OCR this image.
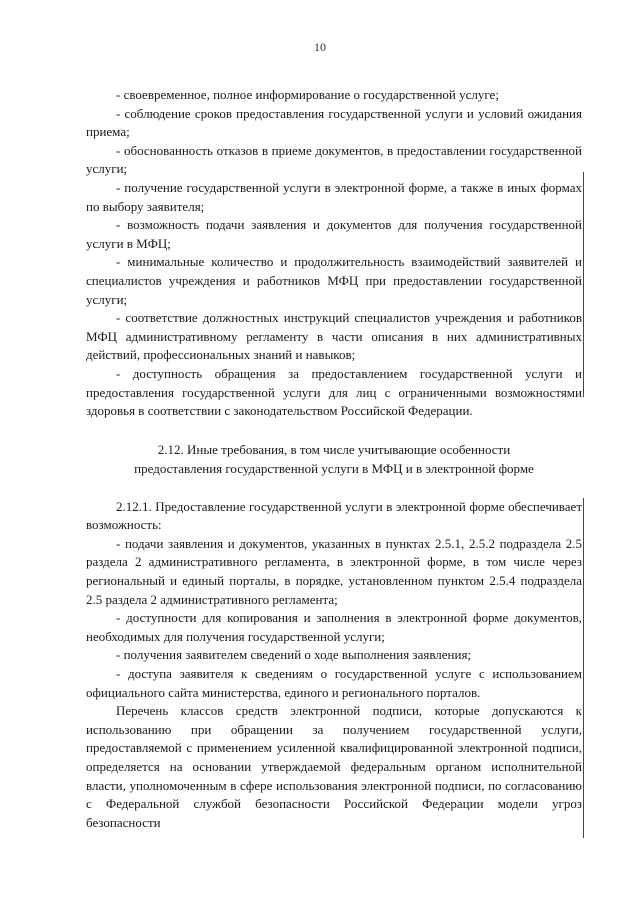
10

- своевременное, полное информирование о государственной услуге;

- соблюдение сроков предоставления государственной услуги и условий ожидания приема;

- обоснованность отказов в приеме документов, в предоставлении государственной услуги;

- получение государственной услуги в электронной форме, а также в иных формах по выбору заявителя;

- возможность подачи заявления и документов для получения государственной услуги в МФЦ;

- минимальные количество и продолжительность взаимодействий заявителей и специалистов учреждения и работников МФЦ при предоставлении государственной услуги;

- соответствие должностных инструкций специалистов учреждения и работников МФЦ административному регламенту в части описания в них административных действий, профессиональных знаний и навыков;

- доступность обращения за предоставлением государственной услуги и предоставления государственной услуги для лиц с ограниченными возможностями здоровья в соответствии с законодательством Российской Федерации.

2.12. Иные требования, в том числе учитывающие особенности
предоставления государственной услуги в МФЦ и в электронной форме

2.12.1. Предоставление государственной услуги в электронной форме обеспечивает возможность:

- подачи заявления и документов, указанных в пунктах 2.5.1, 2.5.2 подраздела 2.5 раздела 2 административного регламента, в электронной форме, в том числе через региональный и единый порталы, в порядке, установленном пунктом 2.5.4 подраздела 2.5 раздела 2 административного регламента;

- доступности для копирования и заполнения в электронной форме документов, необходимых для получения государственной услуги;

- получения заявителем сведений о ходе выполнения заявления;

- доступа заявителя к сведениям о государственной услуге с использованием официального сайта министерства, единого и регионального порталов.

Перечень классов средств электронной подписи, которые допускаются к использованию при обращении за получением государственной услуги, предоставляемой с применением усиленной квалифицированной электронной подписи, определяется на основании утверждаемой федеральным органом исполнительной власти, уполномоченным в сфере использования электронной подписи, по согласованию с Федеральной службой безопасности Российской Федерации модели угроз безопасности
